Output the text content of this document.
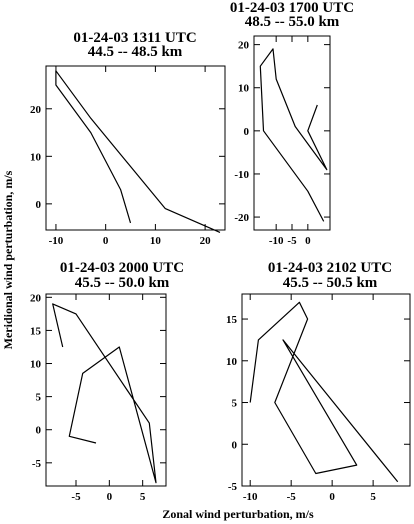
Meridional wind perturbation, m/s
Zonal wind perturbation, m/s
01-24-03 1311 UTC
44.5 -- 48.5 km
-10	0	10	20
0
10
20
01-24-03 1700 UTC
48.5 -- 55.0 km
-10 -5 0
-20
-10
0
10
20
01-24-03 2000 UTC
45.5 -- 50.0 km
-5 0	5
-5
0
5
10
15
20
01-24-03 2102 UTC
45.5 -- 50.5 km
-10	-5	0	5
-5
0
5
10
15
